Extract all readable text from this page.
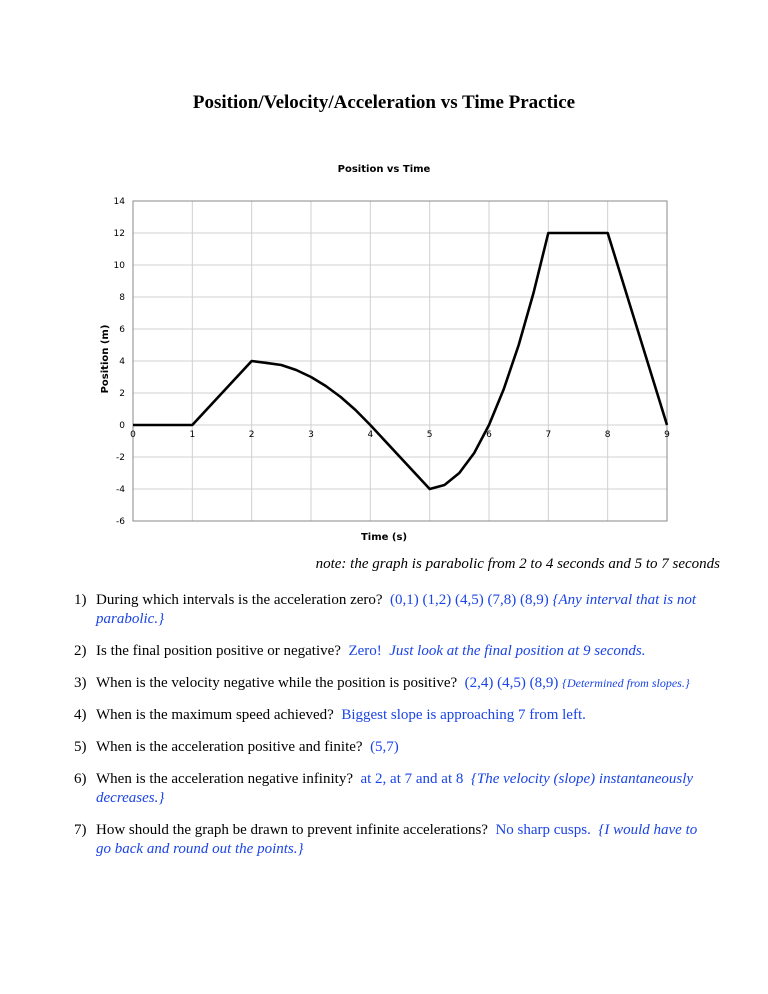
Position/Velocity/Acceleration vs Time Practice
Position vs Time
Time (s)
Position (m)
0	1	2	3	4	5	6	7	8	9
14
12
10
8
6
4
2
0
-2
-4
-6
note: the graph is parabolic from 2 to 4 seconds and 5 to 7 seconds
1) During which intervals is the acceleration zero? (0,1) (1,2) (4,5) (7,8) (8,9) {Any interval that is not parabolic.}
2) Is the final position positive or negative? Zero! Just look at the final position at 9 seconds.
3) When is the velocity negative while the position is positive? (2,4) (4,5) (8,9) {Determined from slopes.}
4) When is the maximum speed achieved? Biggest slope is approaching 7 from left.
5) When is the acceleration positive and finite? (5,7)
6) When is the acceleration negative infinity? at 2, at 7 and at 8 {The velocity (slope) instantaneously decreases.}
7) How should the graph be drawn to prevent infinite accelerations? No sharp cusps. {I would have to go back and round out the points.}
